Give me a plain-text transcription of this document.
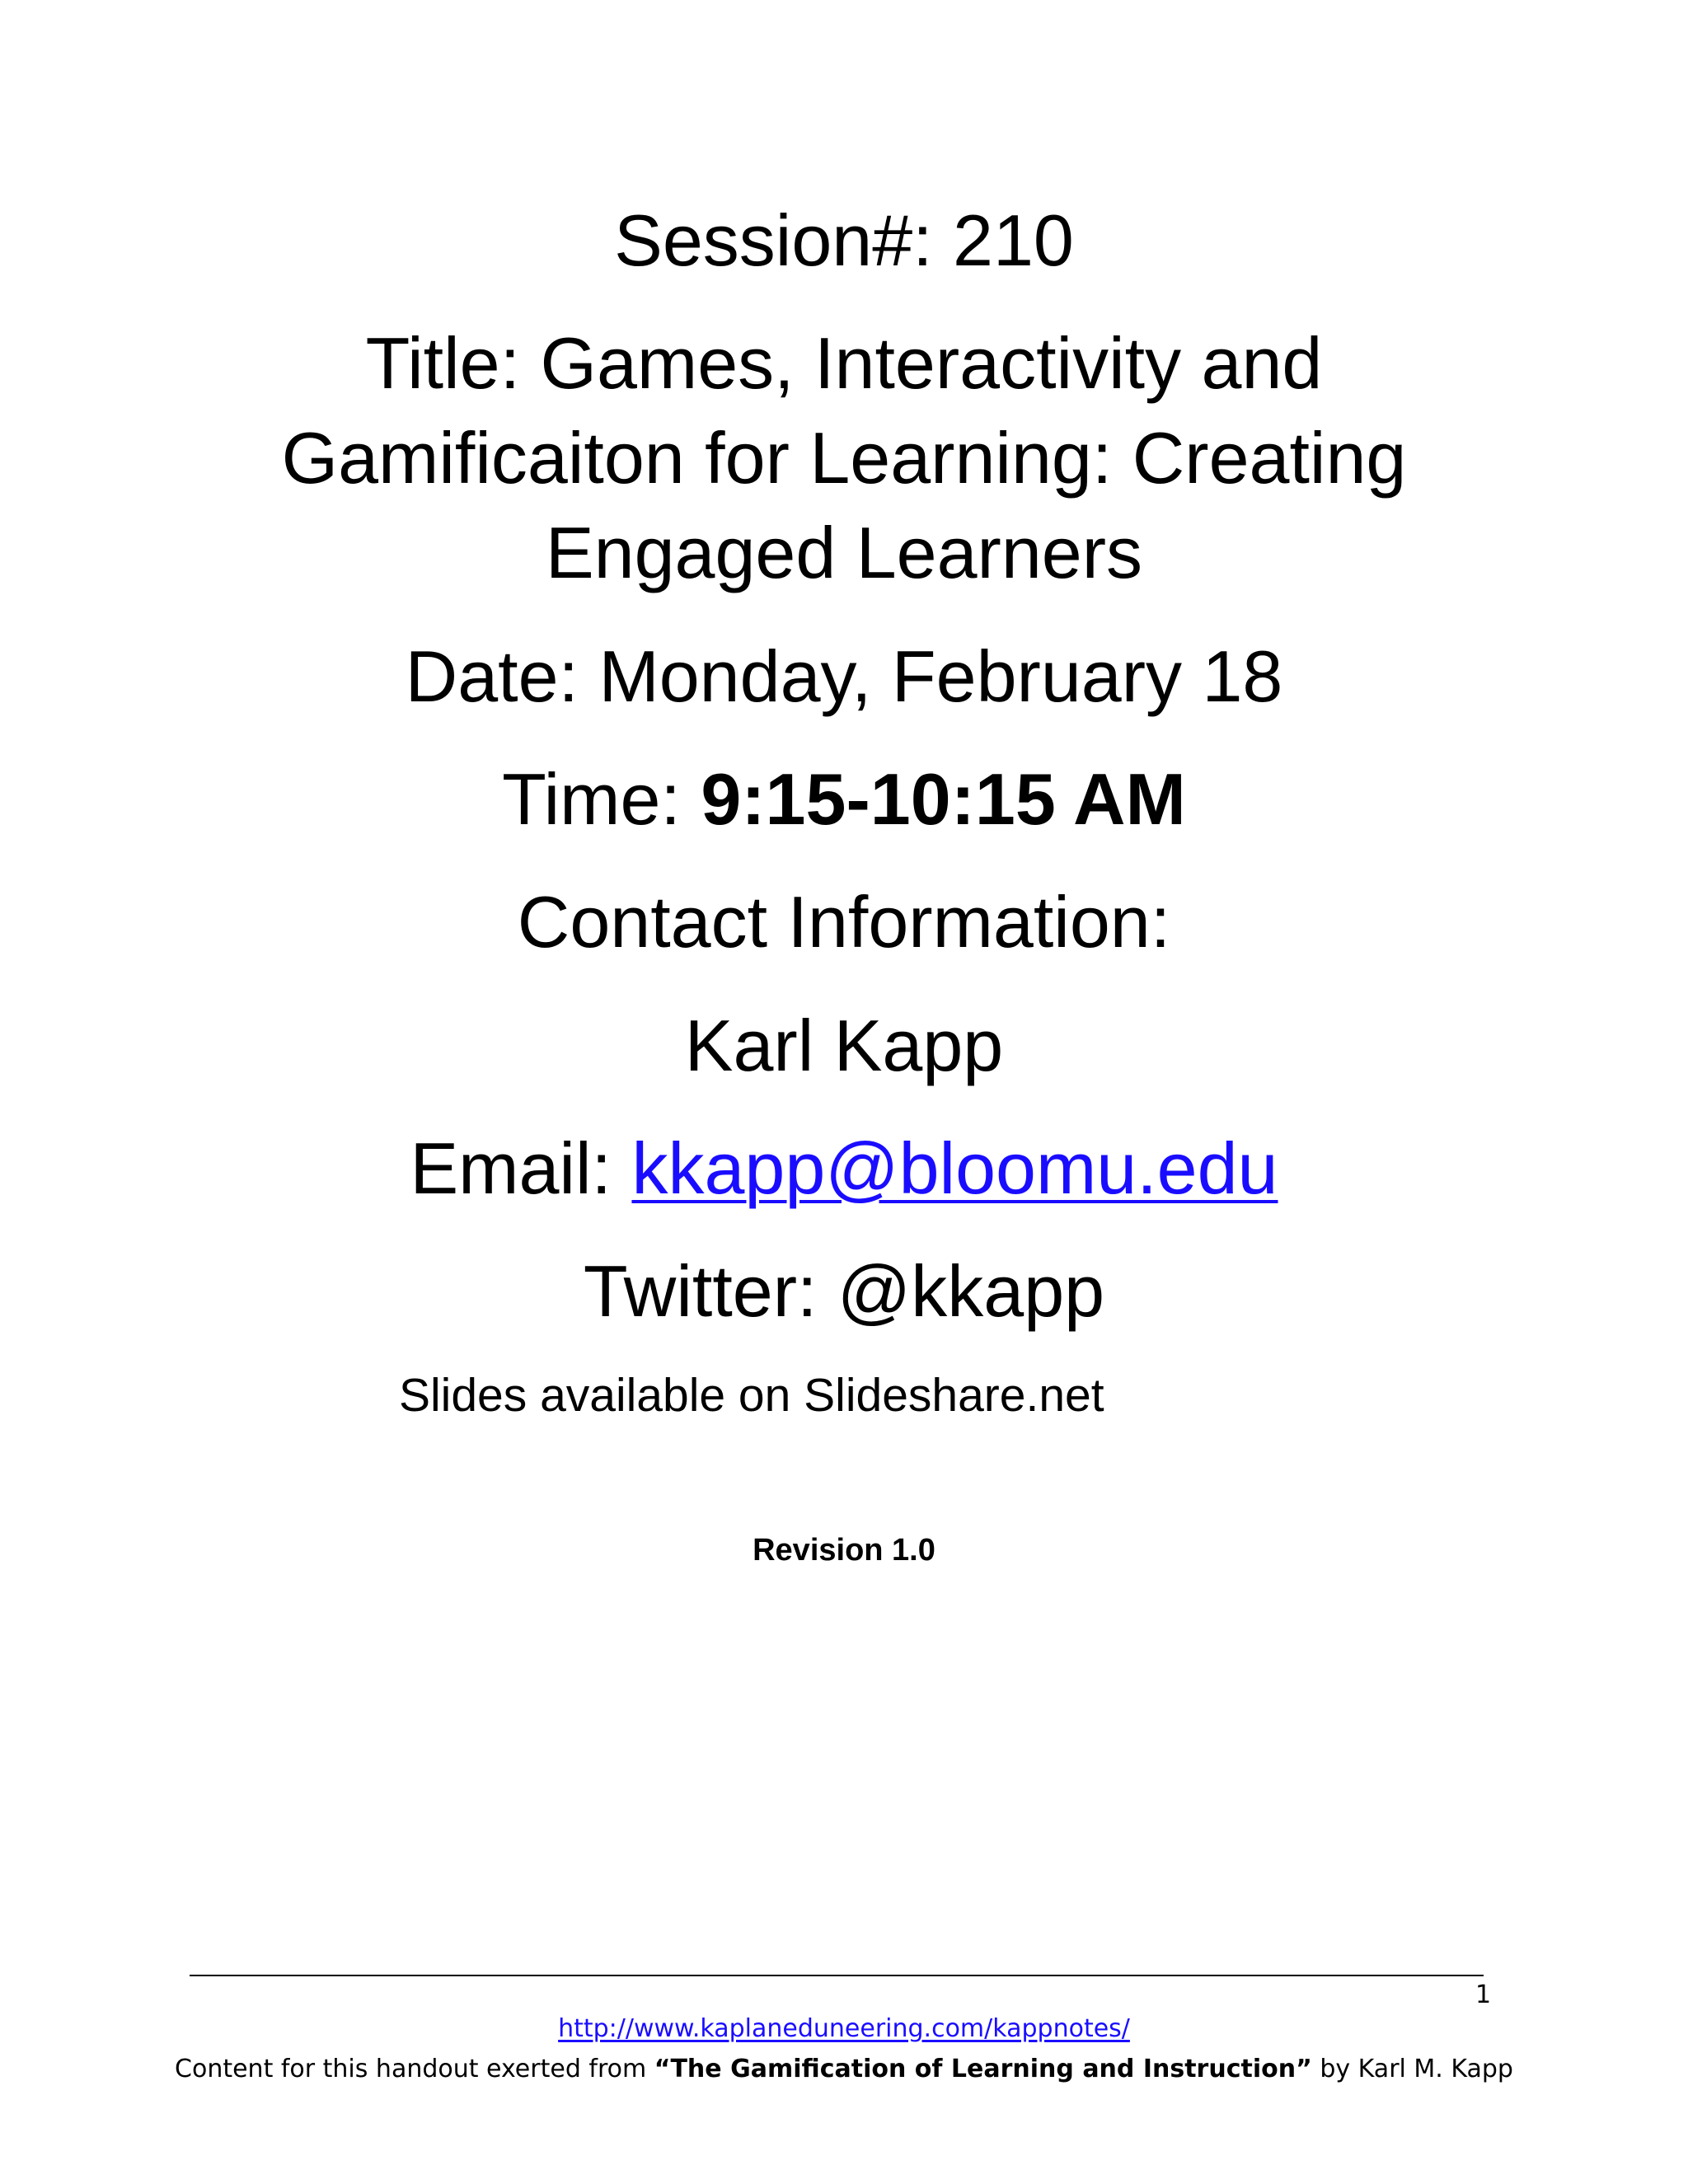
Session#: 210
Title: Games, Interactivity and
Gamificaiton for Learning: Creating
Engaged Learners
Date: Monday, February 18
Time: 9:15-10:15 AM
Contact Information:
Karl Kapp
Email: kkapp@bloomu.edu
Twitter: @kkapp
Slides available on Slideshare.net
Revision 1.0
1
http://www.kaplaneduneering.com/kappnotes/
Content for this handout exerted from “The Gamification of Learning and Instruction” by Karl M. Kapp
